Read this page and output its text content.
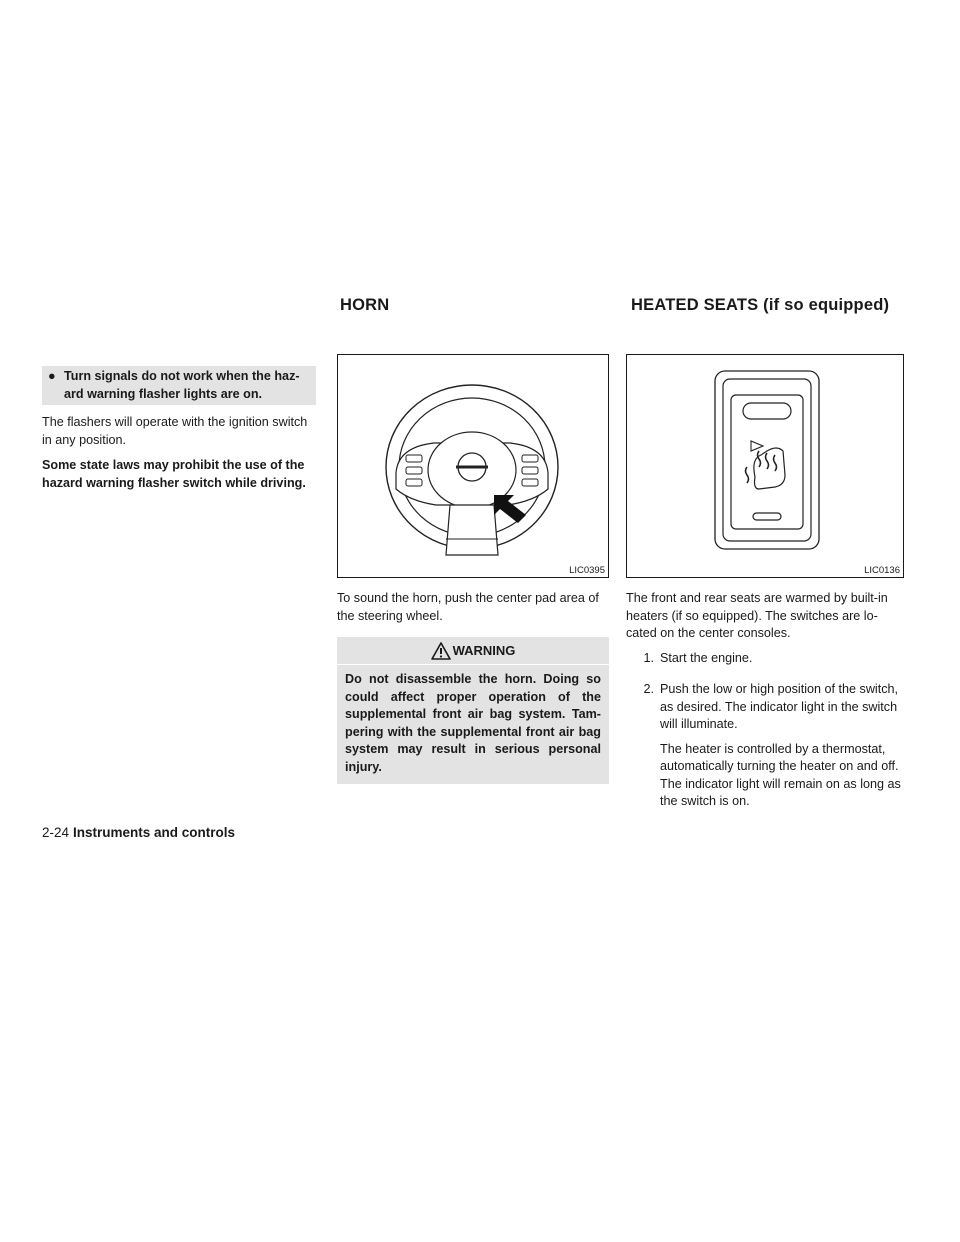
HORN	HEATED SEATS (if so equipped)
● Turn signals do not work when the haz- ard warning flasher lights are on.

The flashers will operate with the ignition switch in any position.

Some state laws may prohibit the use of the hazard warning flasher switch while driving.

LIC0395	LIC0136

To sound the horn, push the center pad area of the steering wheel.

WARNING
Do not disassemble the horn. Doing so could affect proper operation of the supplemental front air bag system. Tam- pering with the supplemental front air bag system may result in serious personal injury.

The front and rear seats are warmed by built-in heaters (if so equipped). The switches are lo- cated on the center consoles.

1. Start the engine.

2. Push the low or high position of the switch, as desired. The indicator light in the switch will illuminate.

The heater is controlled by a thermostat, automatically turning the heater on and off. The indicator light will remain on as long as the switch is on.

2-24 Instruments and controls
